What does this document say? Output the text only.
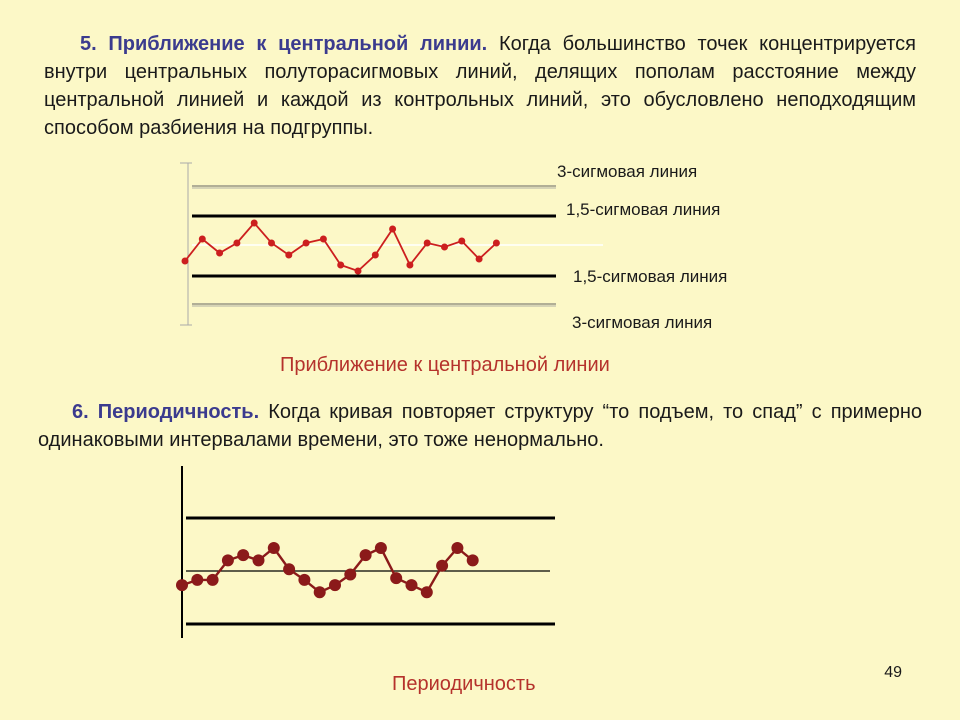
5. Приближение к центральной линии. Когда большинство точек концентрируется внутри центральных полуторасигмовых линий, делящих пополам расстояние между центральной линией и каждой из контрольных линий, это обусловлено неподходящим способом разбиения на подгруппы.

3-сигмовая линия
1,5-сигмовая линия
1,5-сигмовая линия
3-сигмовая линия
Приближение к центральной линии

6. Периодичность. Когда кривая повторяет структуру “то подъем, то спад” с примерно одинаковыми интервалами времени, это тоже ненормально.

Периодичность
49
